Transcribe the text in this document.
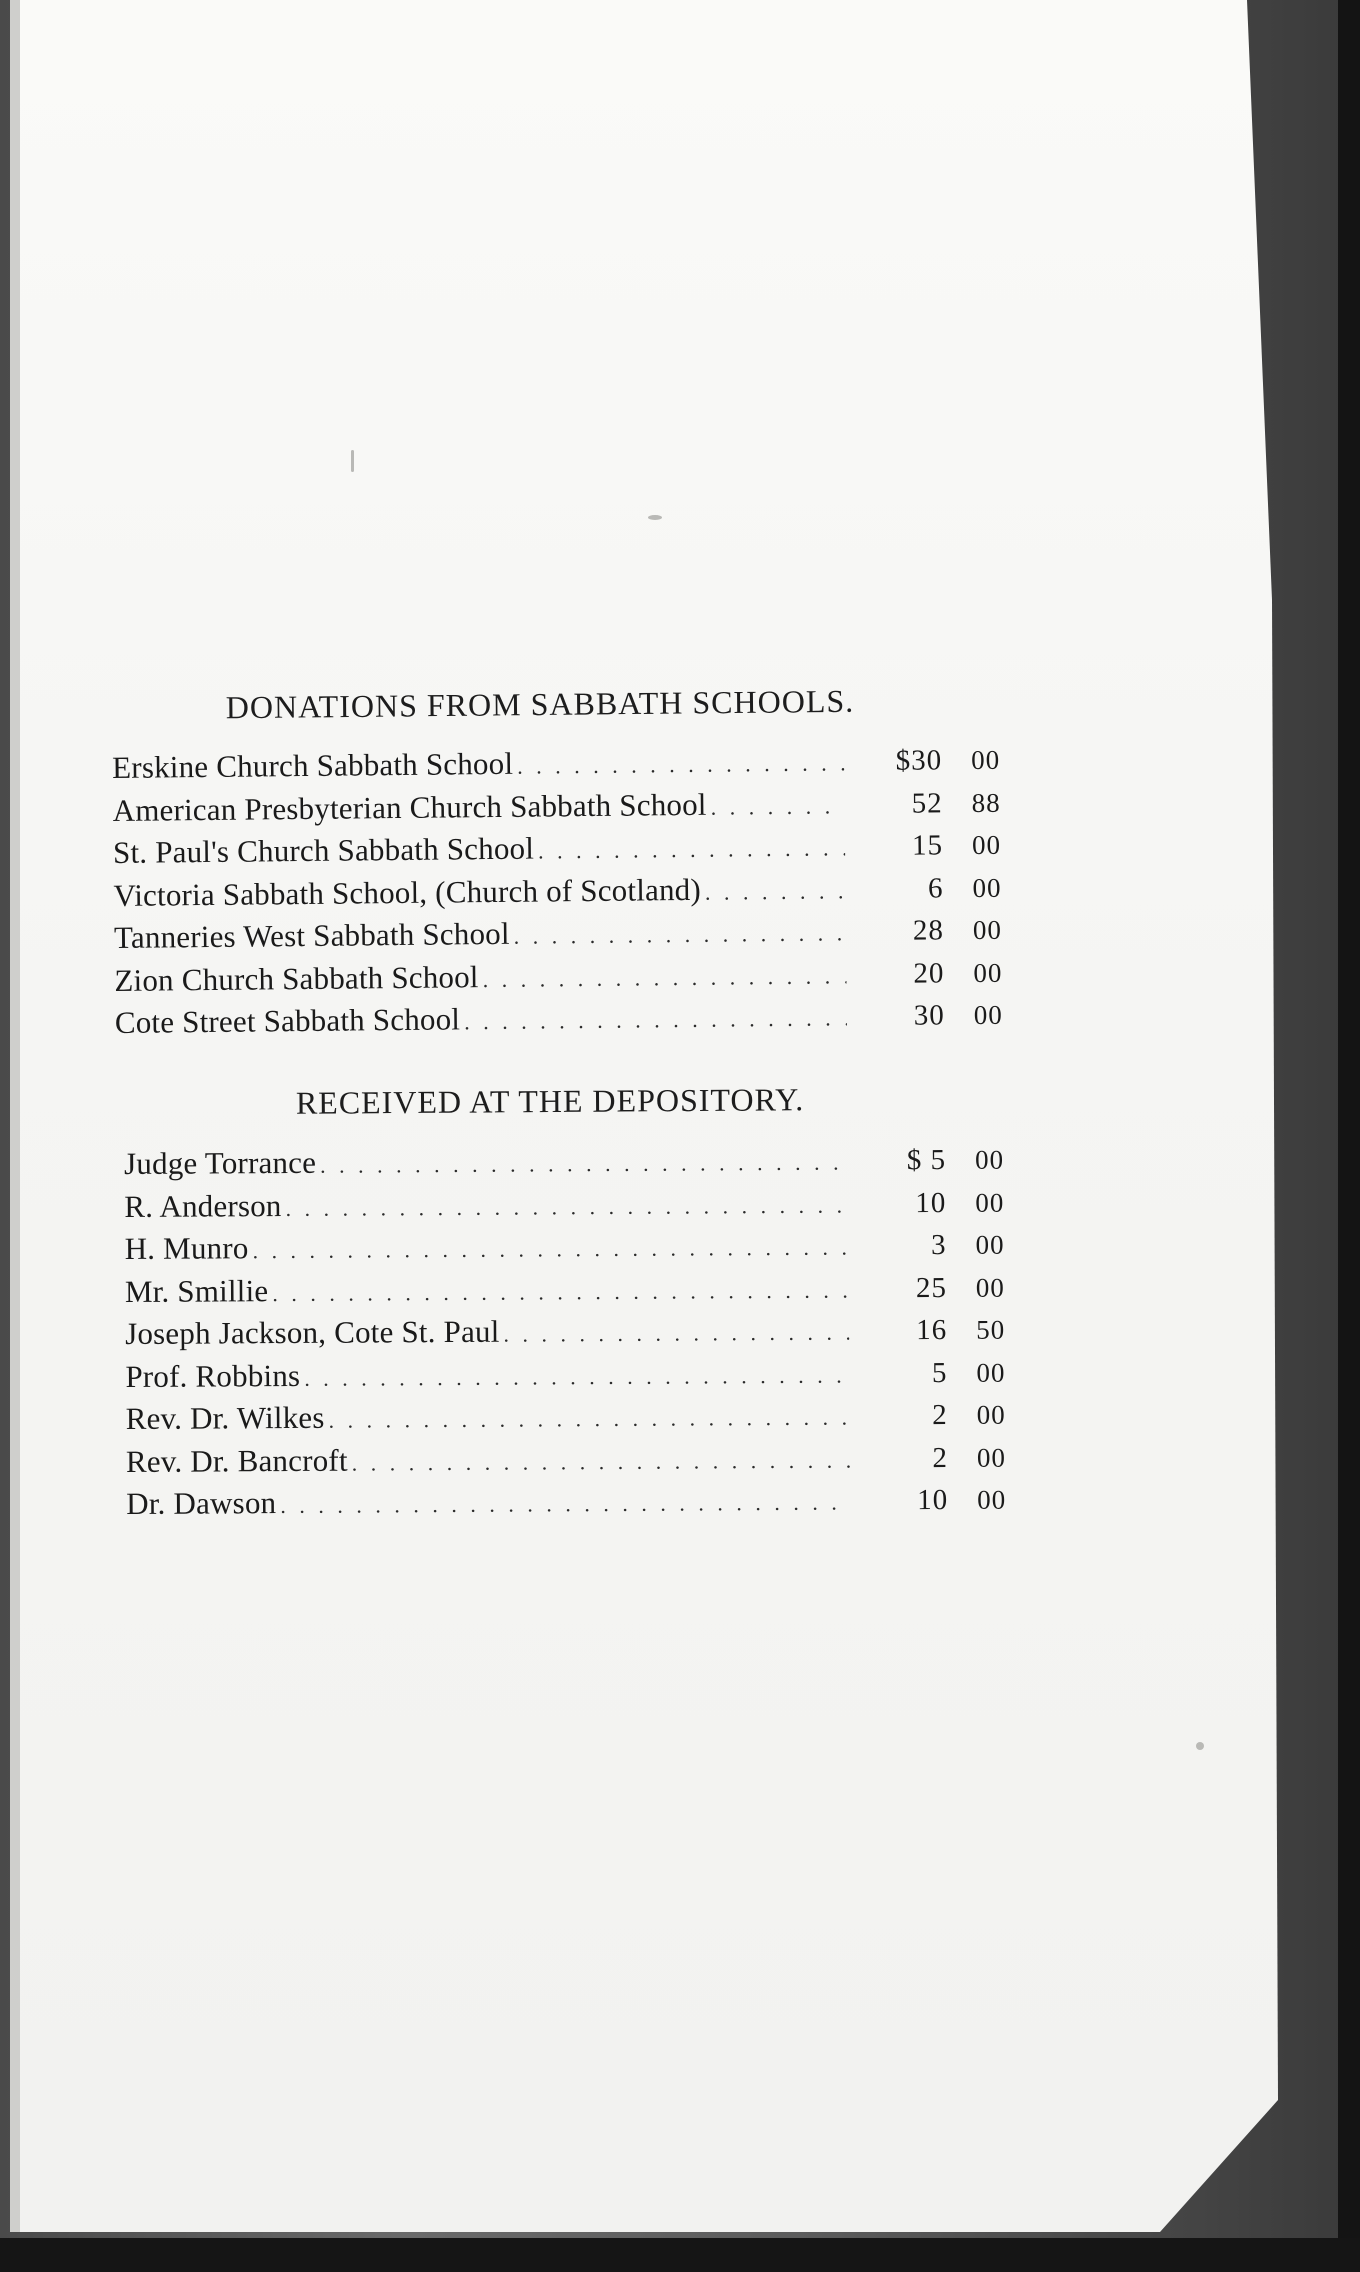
DONATIONS FROM SABBATH SCHOOLS.
Erskine Church Sabbath School . . .	$30	00
American Presbyterian Church Sabbath School . . .	52	88
St. Paul's Church Sabbath School . . .	15	00
Victoria Sabbath School, (Church of Scotland) . . .	6	00
Tanneries West Sabbath School . . .	28	00
Zion Church Sabbath School . . .	20	00
Cote Street Sabbath School . . .	30	00
RECEIVED AT THE DEPOSITORY.
Judge Torrance . . .	$ 5	00
R. Anderson . . .	10	00
H. Munro . . .	3	00
Mr. Smillie . . .	25	00
Joseph Jackson, Cote St. Paul . . .	16	50
Prof. Robbins . . .	5	00
Rev. Dr. Wilkes . . .	2	00
Rev. Dr. Bancroft . . .	2	00
Dr. Dawson . . .	10	00
